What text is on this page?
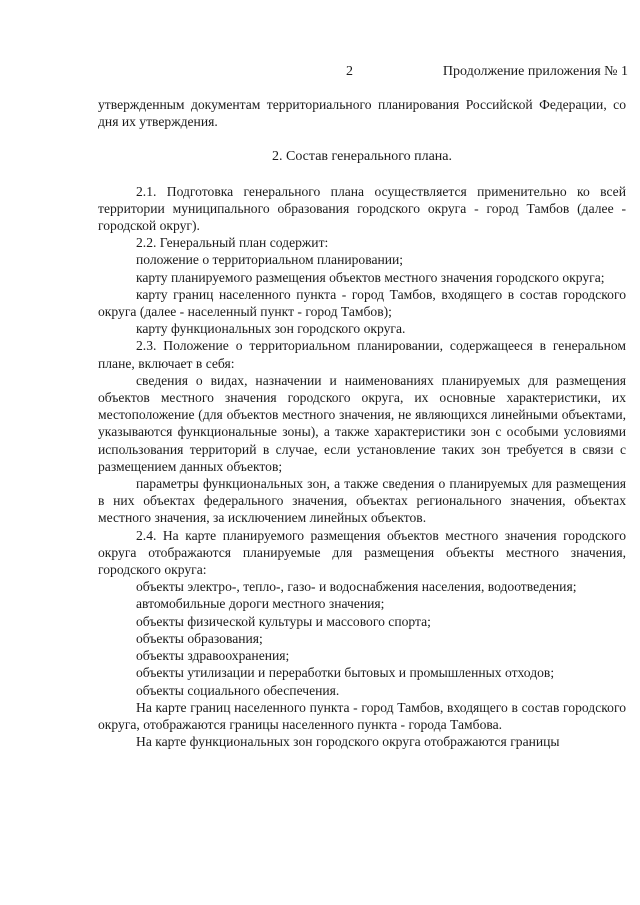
2	Продолжение приложения № 1

утвержденным документам территориального планирования Российской Федерации, со дня их утверждения.

2. Состав генерального плана.

2.1. Подготовка генерального плана осуществляется применительно ко всей территории муниципального образования городского округа - город Тамбов (далее - городской округ).

2.2. Генеральный план содержит:

положение о территориальном планировании;

карту планируемого размещения объектов местного значения городского округа;

карту границ населенного пункта - город Тамбов, входящего в состав городского округа (далее - населенный пункт - город Тамбов);

карту функциональных зон городского округа.

2.3. Положение о территориальном планировании, содержащееся в генеральном плане, включает в себя:

сведения о видах, назначении и наименованиях планируемых для размещения объектов местного значения городского округа, их основные характеристики, их местоположение (для объектов местного значения, не являющихся линейными объектами, указываются функциональные зоны), а также характеристики зон с особыми условиями использования территорий в случае, если установление таких зон требуется в связи с размещением данных объектов;

параметры функциональных зон, а также сведения о планируемых для размещения в них объектах федерального значения, объектах регионального значения, объектах местного значения, за исключением линейных объектов.

2.4. На карте планируемого размещения объектов местного значения городского округа отображаются планируемые для размещения объекты местного значения, городского округа:

объекты электро-, тепло-, газо- и водоснабжения населения, водоотведения;

автомобильные дороги местного значения;

объекты физической культуры и массового спорта;

объекты образования;

объекты здравоохранения;

объекты утилизации и переработки бытовых и промышленных отходов;

объекты социального обеспечения.

На карте границ населенного пункта - город Тамбов, входящего в состав городского округа, отображаются границы населенного пункта - города Тамбова.

На карте функциональных зон городского округа отображаются границы
